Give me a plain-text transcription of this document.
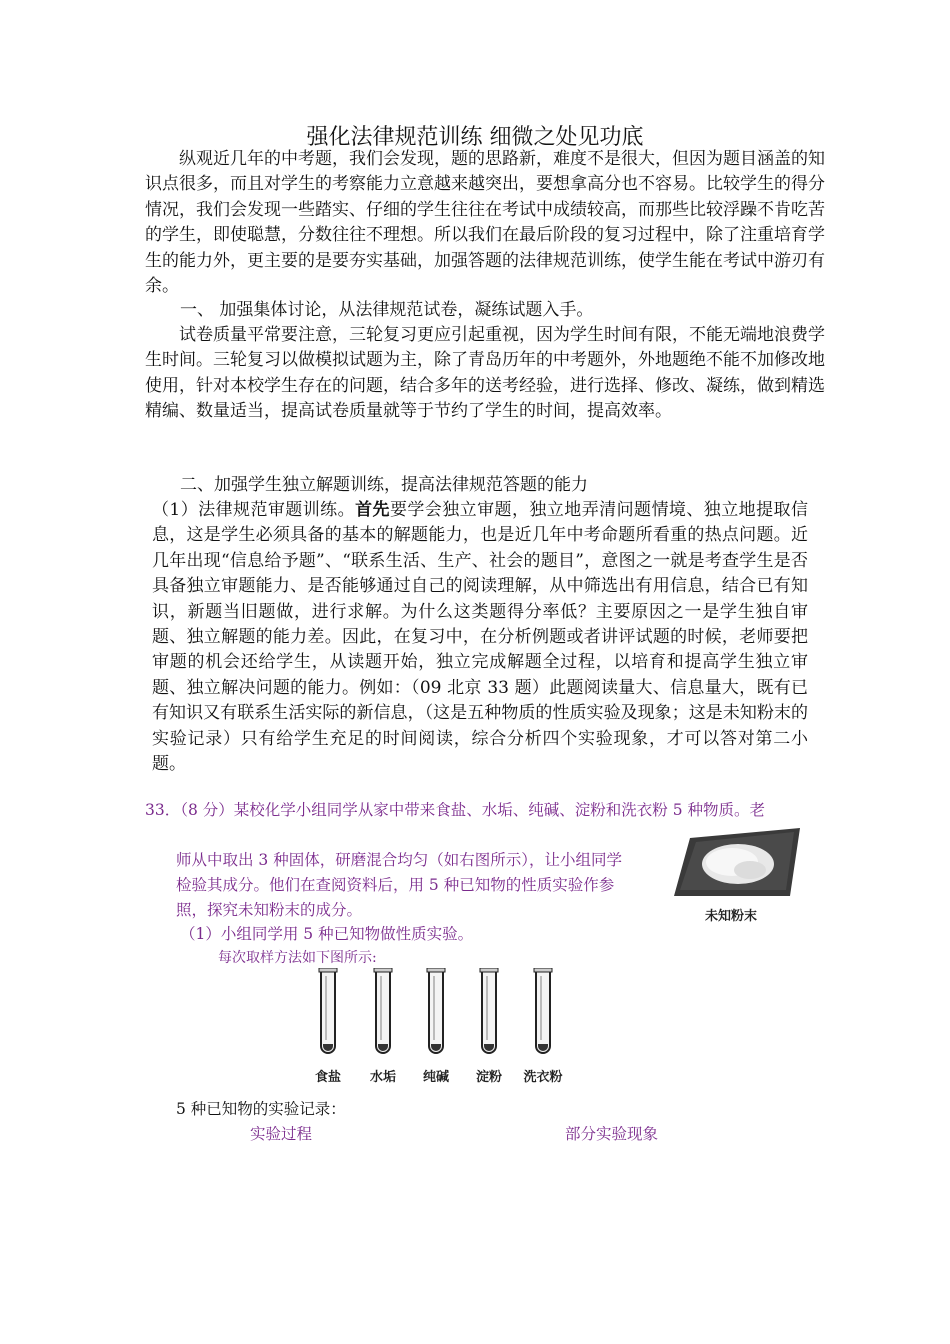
强化法律规范训练 细微之处见功底

纵观近几年的中考题，我们会发现，题的思路新，难度不是很大，但因为题目涵盖的知识点很多，而且对学生的考察能力立意越来越突出，要想拿高分也不容易。比较学生的得分情况，我们会发现一些踏实、仔细的学生往往在考试中成绩较高，而那些比较浮躁不肯吃苦的学生，即使聪慧，分数往往不理想。所以我们在最后阶段的复习过程中，除了注重培育学生的能力外，更主要的是要夯实基础，加强答题的法律规范训练，使学生能在考试中游刃有余。

一、 加强集体讨论，从法律规范试卷，凝练试题入手。

试卷质量平常要注意，三轮复习更应引起重视，因为学生时间有限，不能无端地浪费学生时间。三轮复习以做模拟试题为主，除了青岛历年的中考题外，外地题绝不能不加修改地使用，针对本校学生存在的问题，结合多年的送考经验，进行选择、修改、凝练，做到精选精编、数量适当，提高试卷质量就等于节约了学生的时间，提高效率。

二、加强学生独立解题训练，提高法律规范答题的能力

（1）法律规范审题训练。首先要学会独立审题，独立地弄清问题情境、独立地提取信息，这是学生必须具备的基本的解题能力，也是近几年中考命题所看重的热点问题。近几年出现“信息给予题”、“联系生活、生产、社会的题目”，意图之一就是考查学生是否具备独立审题能力、是否能够通过自己的阅读理解，从中筛选出有用信息，结合已有知识，新题当旧题做，进行求解。为什么这类题得分率低？主要原因之一是学生独自审题、独立解题的能力差。因此，在复习中，在分析例题或者讲评试题的时候，老师要把审题的机会还给学生，从读题开始，独立完成解题全过程，以培育和提高学生独立审题、独立解决问题的能力。例如：（09 北京 33 题）此题阅读量大、信息量大，既有已有知识又有联系生活实际的新信息，（这是五种物质的性质实验及现象；这是未知粉末的实验记录）只有给学生充足的时间阅读，综合分析四个实验现象，才可以答对第二小题。

33．（8 分）某校化学小组同学从家中带来食盐、水垢、纯碱、淀粉和洗衣粉 5 种物质。老
师从中取出 3 种固体，研磨混合均匀（如右图所示），让小组同学检验其成分。他们在查阅资料后，用 5 种已知物的性质实验作参照，探究未知粉末的成分。
（1）小组同学用 5 种已知物做性质实验。
每次取样方法如下图所示:
未知粉末
食盐	水垢	纯碱	淀粉	洗衣粉
5 种已知物的实验记录：
实验过程	部分实验现象
